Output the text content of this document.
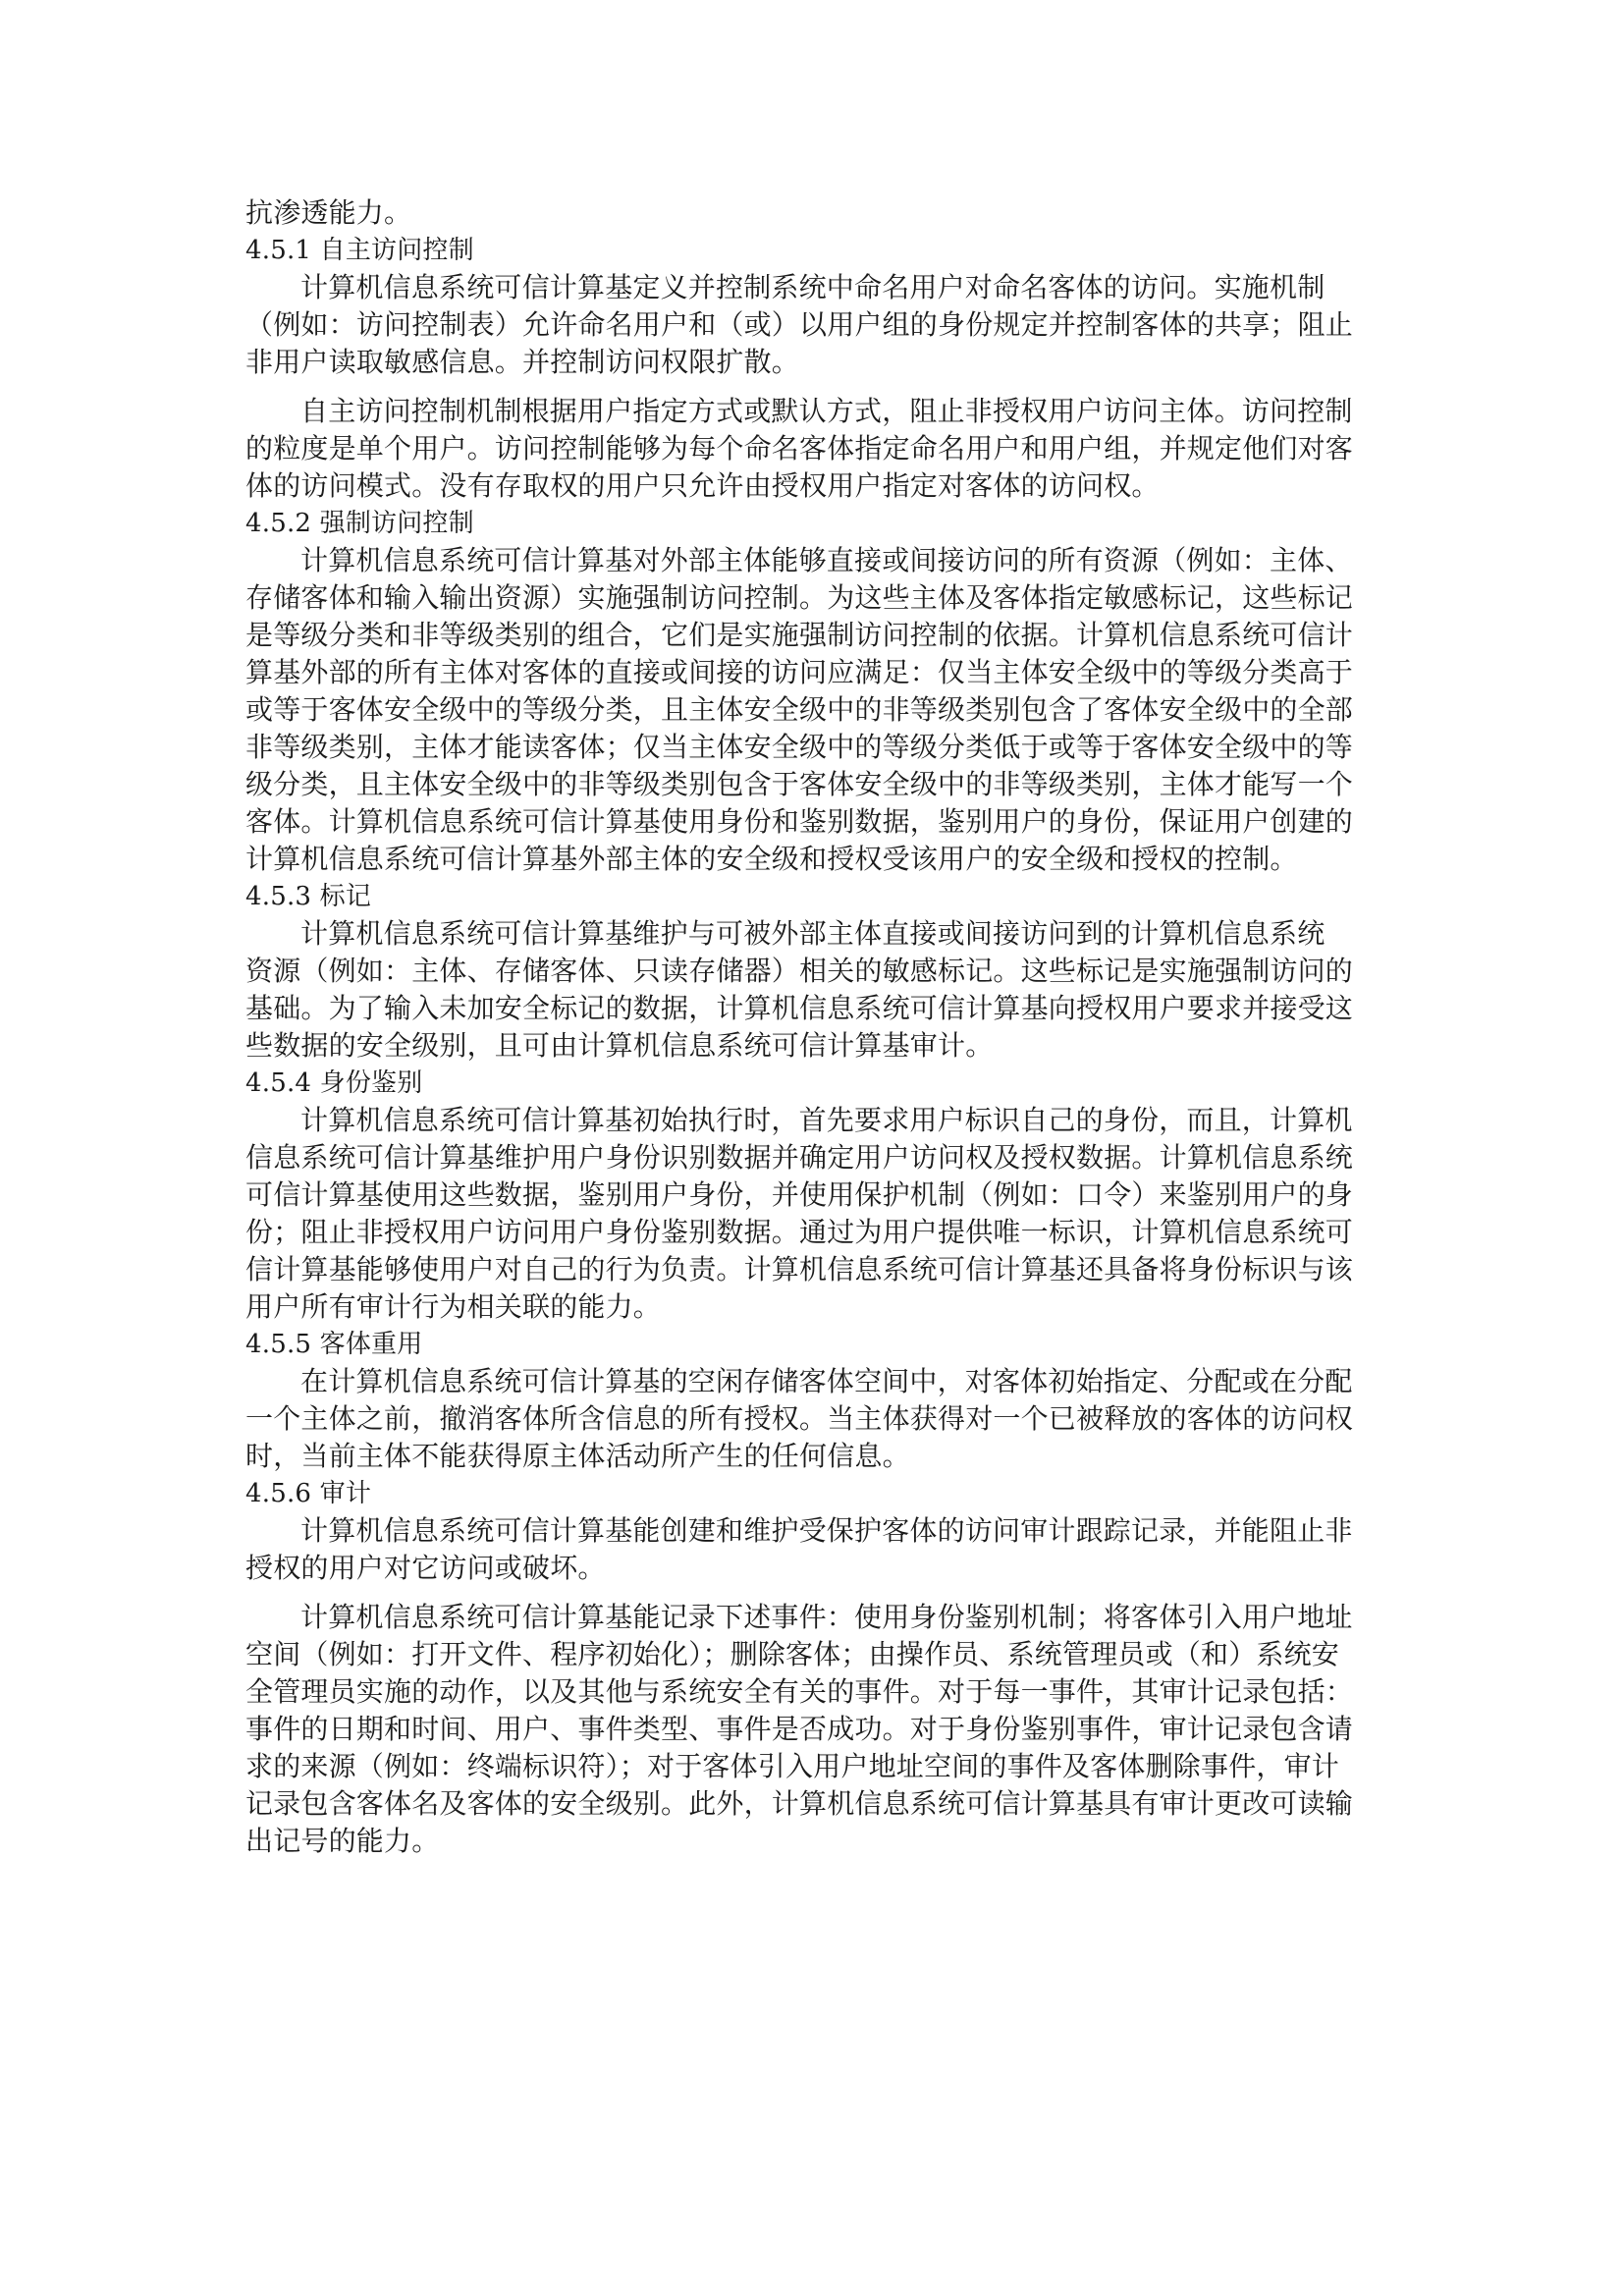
抗渗透能力。
4.5.1 自主访问控制
计算机信息系统可信计算基定义并控制系统中命名用户对命名客体的访问。实施机制
（例如：访问控制表）允许命名用户和（或）以用户组的身份规定并控制客体的共享；阻止
非用户读取敏感信息。并控制访问权限扩散。
自主访问控制机制根据用户指定方式或默认方式，阻止非授权用户访问主体。访问控制
的粒度是单个用户。访问控制能够为每个命名客体指定命名用户和用户组，并规定他们对客
体的访问模式。没有存取权的用户只允许由授权用户指定对客体的访问权。
4.5.2 强制访问控制
计算机信息系统可信计算基对外部主体能够直接或间接访问的所有资源（例如：主体、
存储客体和输入输出资源）实施强制访问控制。为这些主体及客体指定敏感标记，这些标记
是等级分类和非等级类别的组合，它们是实施强制访问控制的依据。计算机信息系统可信计
算基外部的所有主体对客体的直接或间接的访问应满足：仅当主体安全级中的等级分类高于
或等于客体安全级中的等级分类，且主体安全级中的非等级类别包含了客体安全级中的全部
非等级类别，主体才能读客体；仅当主体安全级中的等级分类低于或等于客体安全级中的等
级分类，且主体安全级中的非等级类别包含于客体安全级中的非等级类别，主体才能写一个
客体。计算机信息系统可信计算基使用身份和鉴别数据，鉴别用户的身份，保证用户创建的
计算机信息系统可信计算基外部主体的安全级和授权受该用户的安全级和授权的控制。
4.5.3 标记
计算机信息系统可信计算基维护与可被外部主体直接或间接访问到的计算机信息系统
资源（例如：主体、存储客体、只读存储器）相关的敏感标记。这些标记是实施强制访问的
基础。为了输入未加安全标记的数据，计算机信息系统可信计算基向授权用户要求并接受这
些数据的安全级别，且可由计算机信息系统可信计算基审计。
4.5.4 身份鉴别
计算机信息系统可信计算基初始执行时，首先要求用户标识自己的身份，而且，计算机
信息系统可信计算基维护用户身份识别数据并确定用户访问权及授权数据。计算机信息系统
可信计算基使用这些数据，鉴别用户身份，并使用保护机制（例如：口令）来鉴别用户的身
份；阻止非授权用户访问用户身份鉴别数据。通过为用户提供唯一标识，计算机信息系统可
信计算基能够使用户对自己的行为负责。计算机信息系统可信计算基还具备将身份标识与该
用户所有审计行为相关联的能力。
4.5.5 客体重用
在计算机信息系统可信计算基的空闲存储客体空间中，对客体初始指定、分配或在分配
一个主体之前，撤消客体所含信息的所有授权。当主体获得对一个已被释放的客体的访问权
时，当前主体不能获得原主体活动所产生的任何信息。
4.5.6 审计
计算机信息系统可信计算基能创建和维护受保护客体的访问审计跟踪记录，并能阻止非
授权的用户对它访问或破坏。
计算机信息系统可信计算基能记录下述事件：使用身份鉴别机制；将客体引入用户地址
空间（例如：打开文件、程序初始化）；删除客体；由操作员、系统管理员或（和）系统安
全管理员实施的动作，以及其他与系统安全有关的事件。对于每一事件，其审计记录包括：
事件的日期和时间、用户、事件类型、事件是否成功。对于身份鉴别事件，审计记录包含请
求的来源（例如：终端标识符）；对于客体引入用户地址空间的事件及客体删除事件，审计
记录包含客体名及客体的安全级别。此外，计算机信息系统可信计算基具有审计更改可读输
出记号的能力。
